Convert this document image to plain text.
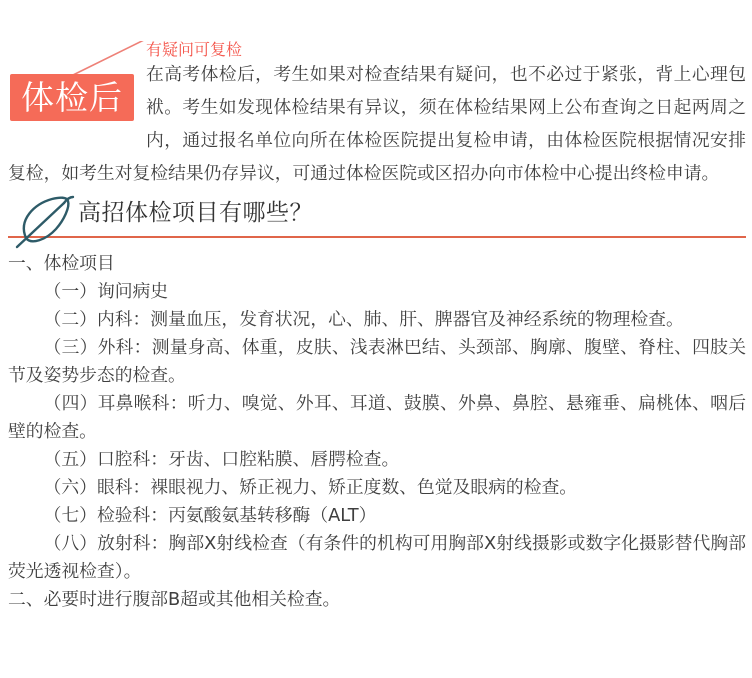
体检后
有疑问可复检

在高考体检后，考生如果对检查结果有疑问，也不必过于紧张，背上心理包袱。考生如发现体检结果有异议，须在体检结果网上公布查询之日起两周之内，通过报名单位向所在体检医院提出复检申请，由体检医院根据情况安排复检，如考生对复检结果仍存异议，可通过体检医院或区招办向市体检中心提出终检申请。

高招体检项目有哪些？

一、体检项目

（一）询问病史

（二）内科：测量血压，发育状况，心、肺、肝、脾器官及神经系统的物理检查。

（三）外科：测量身高、体重，皮肤、浅表淋巴结、头颈部、胸廓、腹壁、脊柱、四肢关节及姿势步态的检查。

（四）耳鼻喉科：听力、嗅觉、外耳、耳道、鼓膜、外鼻、鼻腔、悬雍垂、扁桃体、咽后壁的检查。

（五）口腔科：牙齿、口腔粘膜、唇腭检查。

（六）眼科：裸眼视力、矫正视力、矫正度数、色觉及眼病的检查。

（七）检验科：丙氨酸氨基转移酶（ALT）

（八）放射科：胸部X射线检查（有条件的机构可用胸部X射线摄影或数字化摄影替代胸部荧光透视检查）。

二、必要时进行腹部B超或其他相关检查。
